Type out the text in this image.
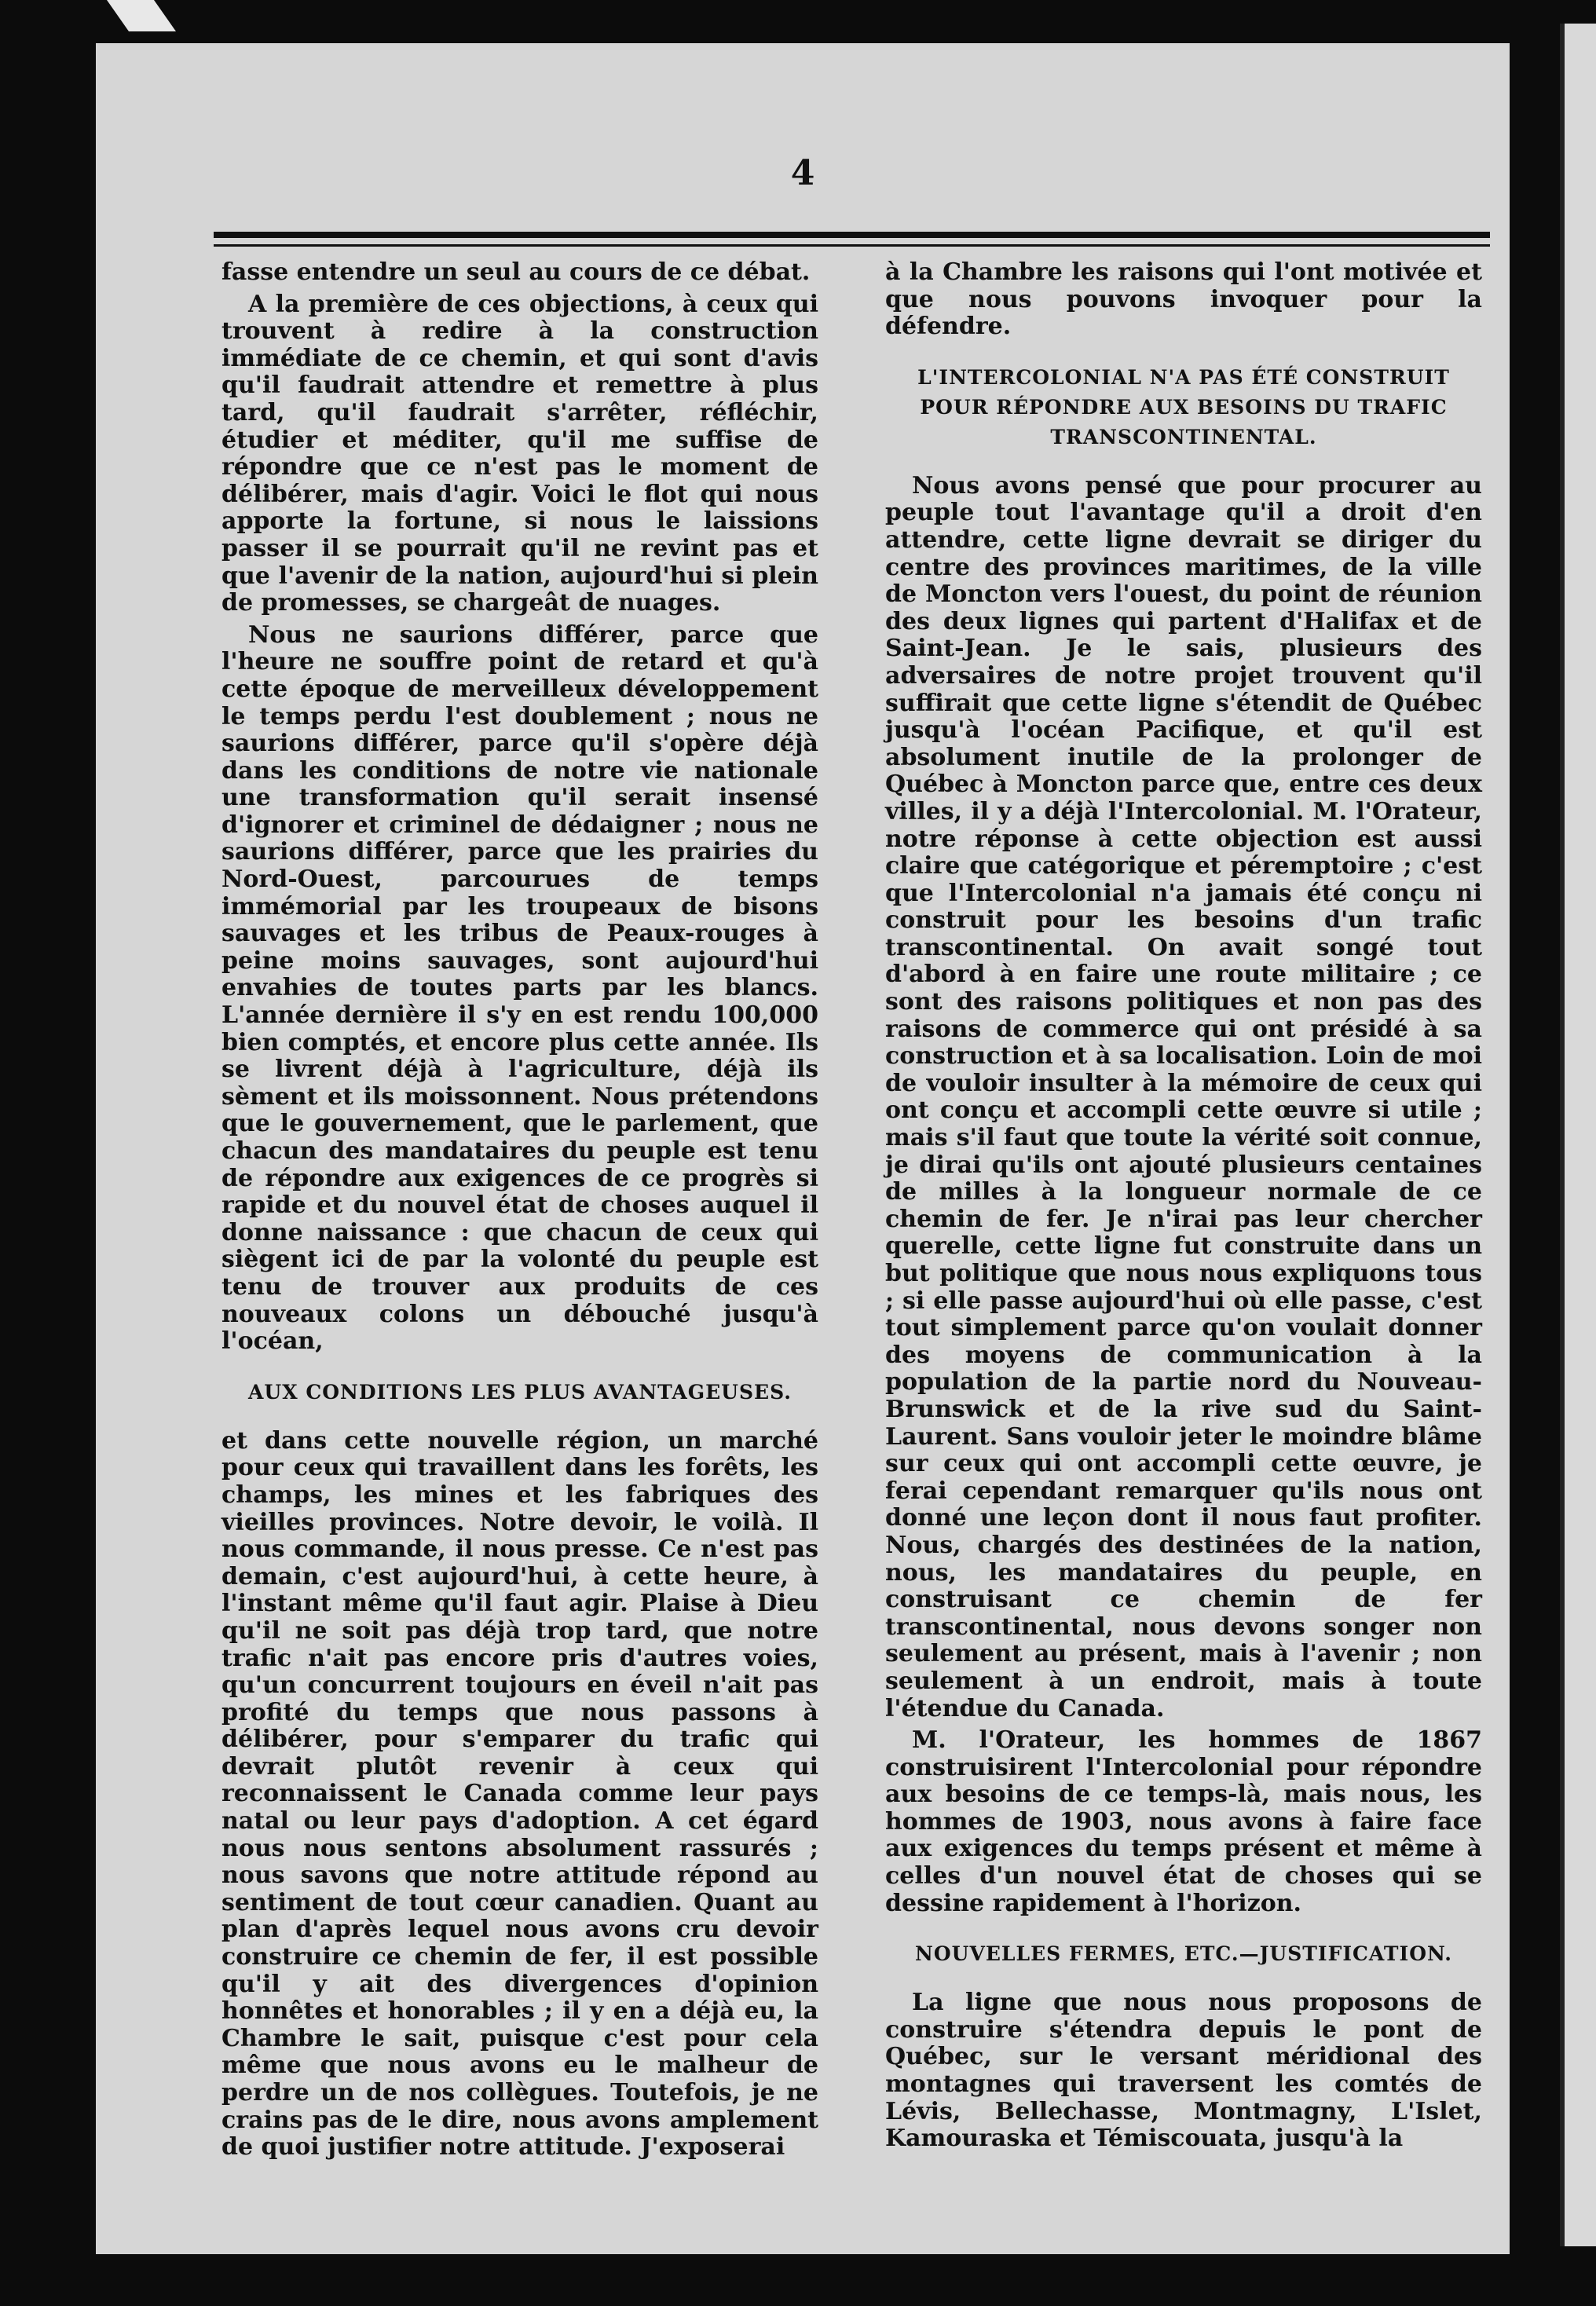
4

fasse entendre un seul au cours de ce débat.

A la première de ces objections, à ceux qui trouvent à redire à la construction immédiate de ce chemin, et qui sont d'avis qu'il faudrait attendre et remettre à plus tard, qu'il faudrait s'arrêter, réfléchir, étudier et méditer, qu'il me suffise de répondre que ce n'est pas le moment de délibérer, mais d'agir. Voici le flot qui nous apporte la fortune, si nous le laissions passer il se pourrait qu'il ne revint pas et que l'avenir de la nation, aujourd'hui si plein de promesses, se chargeât de nuages.

Nous ne saurions différer, parce que l'heure ne souffre point de retard et qu'à cette époque de merveilleux développement le temps perdu l'est doublement ; nous ne saurions différer, parce qu'il s'opère déjà dans les conditions de notre vie nationale une transformation qu'il serait insensé d'ignorer et criminel de dédaigner ; nous ne saurions différer, parce que les prairies du Nord-Ouest, parcourues de temps immémorial par les troupeaux de bisons sauvages et les tribus de Peaux-rouges à peine moins sauvages, sont aujourd'hui envahies de toutes parts par les blancs. L'année dernière il s'y en est rendu 100,000 bien comptés, et encore plus cette année. Ils se livrent déjà à l'agriculture, déjà ils sèment et ils moissonnent. Nous prétendons que le gouvernement, que le parlement, que chacun des mandataires du peuple est tenu de répondre aux exigences de ce progrès si rapide et du nouvel état de choses auquel il donne naissance : que chacun de ceux qui siègent ici de par la volonté du peuple est tenu de trouver aux produits de ces nouveaux colons un débouché jusqu'à l'océan,

AUX CONDITIONS LES PLUS AVANTAGEUSES.

et dans cette nouvelle région, un marché pour ceux qui travaillent dans les forêts, les champs, les mines et les fabriques des vieilles provinces. Notre devoir, le voilà. Il nous commande, il nous presse. Ce n'est pas demain, c'est aujourd'hui, à cette heure, à l'instant même qu'il faut agir. Plaise à Dieu qu'il ne soit pas déjà trop tard, que notre trafic n'ait pas encore pris d'autres voies, qu'un concurrent toujours en éveil n'ait pas profité du temps que nous passons à délibérer, pour s'emparer du trafic qui devrait plutôt revenir à ceux qui reconnaissent le Canada comme leur pays natal ou leur pays d'adoption. A cet égard nous nous sentons absolument rassurés ; nous savons que notre attitude répond au sentiment de tout cœur canadien. Quant au plan d'après lequel nous avons cru devoir construire ce chemin de fer, il est possible qu'il y ait des divergences d'opinion honnêtes et honorables ; il y en a déjà eu, la Chambre le sait, puisque c'est pour cela même que nous avons eu le malheur de perdre un de nos collègues. Toutefois, je ne crains pas de le dire, nous avons amplement de quoi justifier notre attitude. J'exposerai

à la Chambre les raisons qui l'ont motivée et que nous pouvons invoquer pour la défendre.

L'INTERCOLONIAL N'A PAS ÉTÉ CONSTRUIT POUR RÉPONDRE AUX BESOINS DU TRAFIC TRANSCONTINENTAL.

Nous avons pensé que pour procurer au peuple tout l'avantage qu'il a droit d'en attendre, cette ligne devrait se diriger du centre des provinces maritimes, de la ville de Moncton vers l'ouest, du point de réunion des deux lignes qui partent d'Halifax et de Saint-Jean. Je le sais, plusieurs des adversaires de notre projet trouvent qu'il suffirait que cette ligne s'étendit de Québec jusqu'à l'océan Pacifique, et qu'il est absolument inutile de la prolonger de Québec à Moncton parce que, entre ces deux villes, il y a déjà l'Intercolonial. M. l'Orateur, notre réponse à cette objection est aussi claire que catégorique et péremptoire ; c'est que l'Intercolonial n'a jamais été conçu ni construit pour les besoins d'un trafic transcontinental. On avait songé tout d'abord à en faire une route militaire ; ce sont des raisons politiques et non pas des raisons de commerce qui ont présidé à sa construction et à sa localisation. Loin de moi de vouloir insulter à la mémoire de ceux qui ont conçu et accompli cette œuvre si utile ; mais s'il faut que toute la vérité soit connue, je dirai qu'ils ont ajouté plusieurs centaines de milles à la longueur normale de ce chemin de fer. Je n'irai pas leur chercher querelle, cette ligne fut construite dans un but politique que nous nous expliquons tous ; si elle passe aujourd'hui où elle passe, c'est tout simplement parce qu'on voulait donner des moyens de communication à la population de la partie nord du Nouveau-Brunswick et de la rive sud du Saint-Laurent. Sans vouloir jeter le moindre blâme sur ceux qui ont accompli cette œuvre, je ferai cependant remarquer qu'ils nous ont donné une leçon dont il nous faut profiter. Nous, chargés des destinées de la nation, nous, les mandataires du peuple, en construisant ce chemin de fer transcontinental, nous devons songer non seulement au présent, mais à l'avenir ; non seulement à un endroit, mais à toute l'étendue du Canada.

M. l'Orateur, les hommes de 1867 construisirent l'Intercolonial pour répondre aux besoins de ce temps-là, mais nous, les hommes de 1903, nous avons à faire face aux exigences du temps présent et même à celles d'un nouvel état de choses qui se dessine rapidement à l'horizon.

NOUVELLES FERMES, ETC.—JUSTIFICATION.

La ligne que nous nous proposons de construire s'étendra depuis le pont de Québec, sur le versant méridional des montagnes qui traversent les comtés de Lévis, Bellechasse, Montmagny, L'Islet, Kamouraska et Témiscouata, jusqu'à la
